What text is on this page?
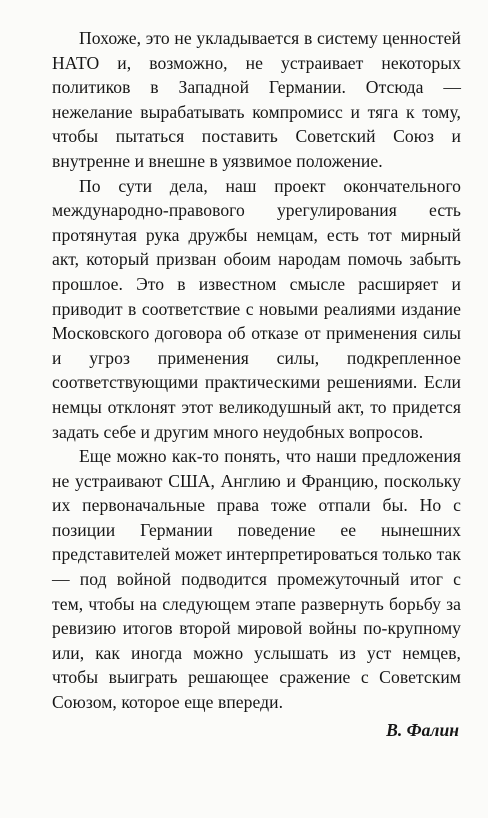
Похоже, это не укладывается в систему ценностей НАТО и, возможно, не устраивает некоторых политиков в Западной Германии. Отсюда — нежелание вырабатывать компромисс и тяга к тому, чтобы пытаться поставить Советский Союз и внутренне и внешне в уязвимое положение.

По сути дела, наш проект окончательного международно-правового урегулирования есть протянутая рука дружбы немцам, есть тот мирный акт, который призван обоим народам помочь забыть прошлое. Это в известном смысле расширяет и приводит в соответствие с новыми реалиями издание Московского договора об отказе от применения силы и угроз применения силы, подкрепленное соответствующими практическими решениями. Если немцы отклонят этот великодушный акт, то придется задать себе и другим много неудобных вопросов.

Еще можно как-то понять, что наши предложения не устраивают США, Англию и Францию, поскольку их первоначальные права тоже отпали бы. Но с позиции Германии поведение ее нынешних представителей может интерпретироваться только так — под войной подводится промежуточный итог с тем, чтобы на следующем этапе развернуть борьбу за ревизию итогов второй мировой войны по-крупному или, как иногда можно услышать из уст немцев, чтобы выиграть решающее сражение с Советским Союзом, которое еще впереди.

В. Фалин
